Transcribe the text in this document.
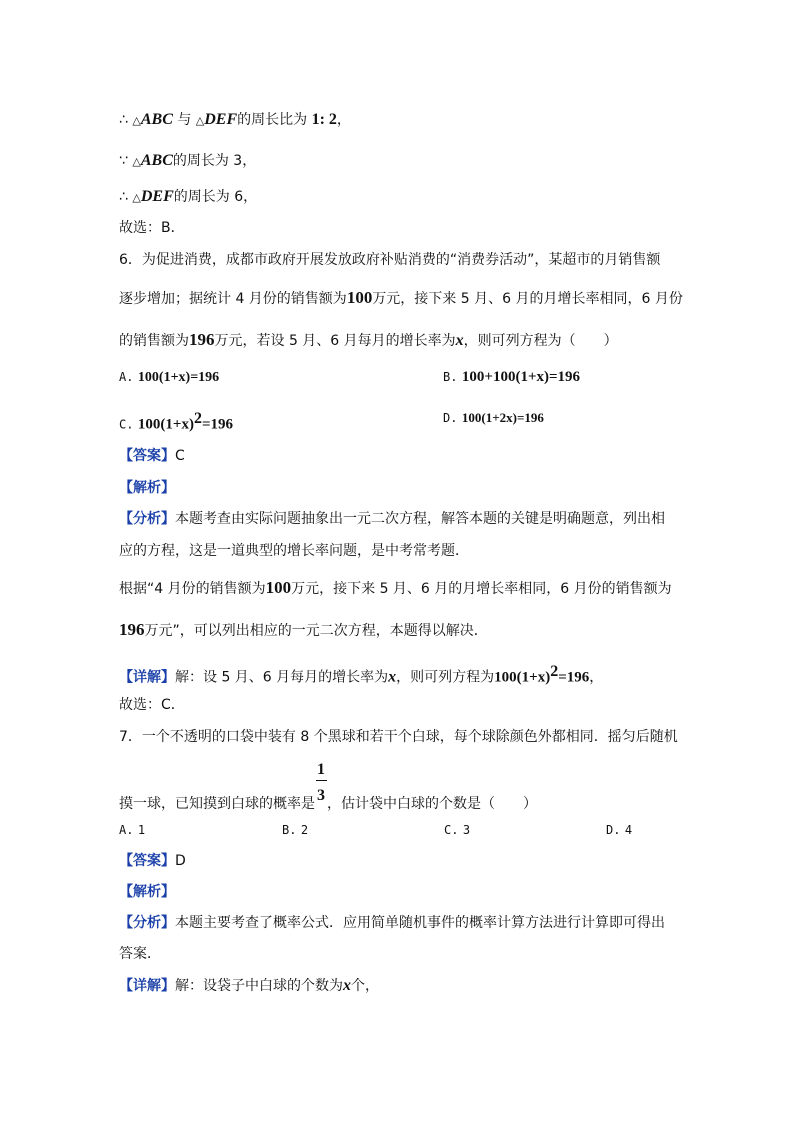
∴ △ABC 与 △DEF的周长比为 1: 2，
∵ △ABC的周长为 3，
∴ △DEF的周长为 6，
故选：B．
6．为促进消费，成都市政府开展发放政府补贴消费的“消费券活动”，某超市的月销售额
逐步增加；据统计 4 月份的销售额为100万元，接下来 5 月、6 月的月增长率相同，6 月份
的销售额为196万元，若设 5 月、6 月每月的增长率为x，则可列方程为（　　）
A. 100(1+x)=196	B. 100+100(1+x)=196
C. $100(1+x)^2=196$	D. 100(1+2x)=196
【答案】C
【解析】
【分析】本题考查由实际问题抽象出一元二次方程，解答本题的关键是明确题意，列出相
应的方程，这是一道典型的增长率问题，是中考常考题．
根据“4 月份的销售额为100万元，接下来 5 月、6 月的月增长率相同，6 月份的销售额为
196万元”，可以列出相应的一元二次方程，本题得以解决．
【详解】解：设 5 月、6 月每月的增长率为x，则可列方程为$100(1+x)^2=196$，
故选：C．
7．一个不透明的口袋中装有 8 个黑球和若干个白球，每个球除颜色外都相同．摇匀后随机
摸一球，已知摸到白球的概率是 $\frac{1}{3}$ ，估计袋中白球的个数是（　　）
A. 1	B. 2	C. 3	D. 4
【答案】D
【解析】
【分析】本题主要考查了概率公式．应用简单随机事件的概率计算方法进行计算即可得出
答案．
【详解】解：设袋子中白球的个数为x个，
